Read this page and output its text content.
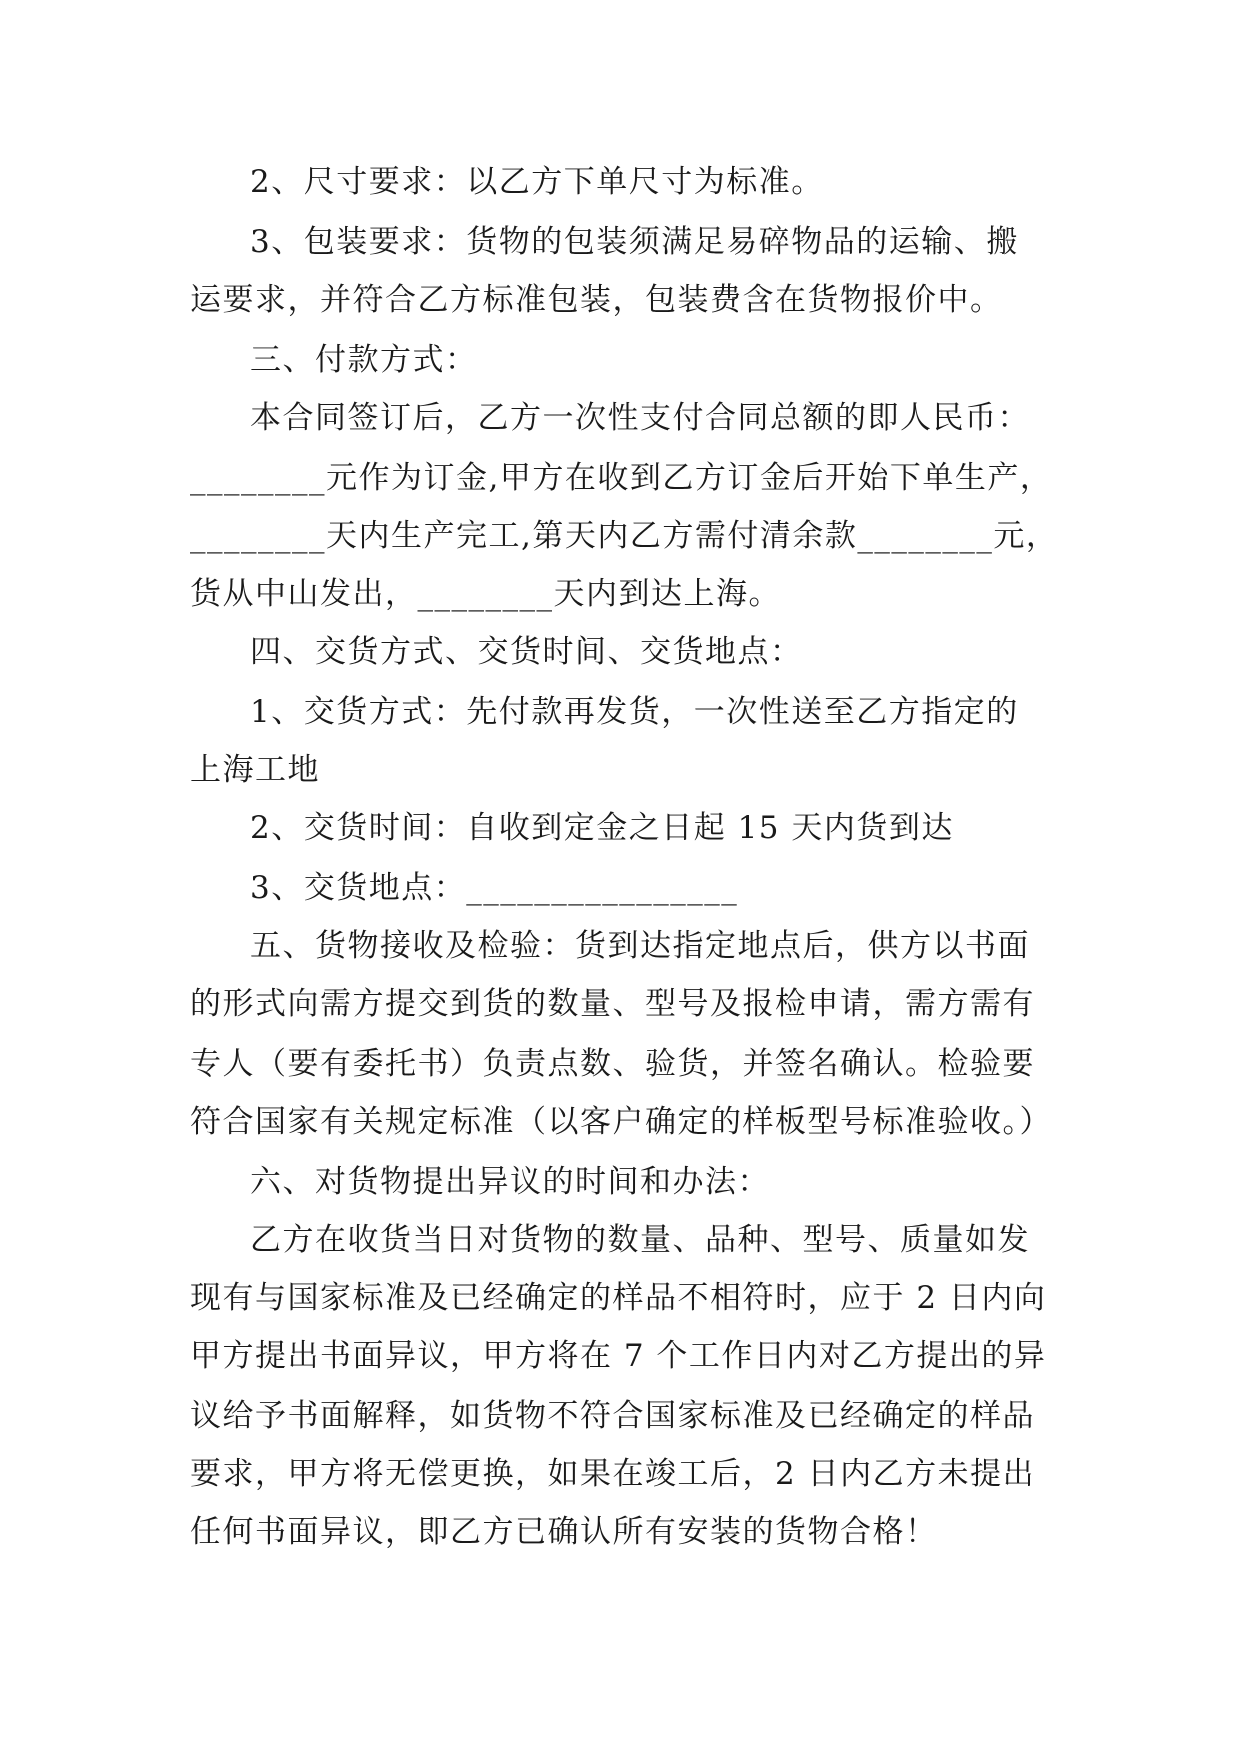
2、尺寸要求：以乙方下单尺寸为标准。
3、包装要求：货物的包装须满足易碎物品的运输、搬
运要求，并符合乙方标准包装，包装费含在货物报价中。
三、付款方式：
本合同签订后，乙方一次性支付合同总额的即人民币：
________元作为订金,甲方在收到乙方订金后开始下单生产，
________天内生产完工,第天内乙方需付清余款________元，
货从中山发出，________天内到达上海。
四、交货方式、交货时间、交货地点：
1、交货方式：先付款再发货，一次性送至乙方指定的
上海工地
2、交货时间：自收到定金之日起 15 天内货到达
3、交货地点：________________
五、货物接收及检验：货到达指定地点后，供方以书面
的形式向需方提交到货的数量、型号及报检申请，需方需有
专人（要有委托书）负责点数、验货，并签名确认。检验要
符合国家有关规定标准（以客户确定的样板型号标准验收。）
六、对货物提出异议的时间和办法：
乙方在收货当日对货物的数量、品种、型号、质量如发
现有与国家标准及已经确定的样品不相符时，应于 2 日内向
甲方提出书面异议，甲方将在 7 个工作日内对乙方提出的异
议给予书面解释，如货物不符合国家标准及已经确定的样品
要求，甲方将无偿更换，如果在竣工后，2 日内乙方未提出
任何书面异议，即乙方已确认所有安装的货物合格！
